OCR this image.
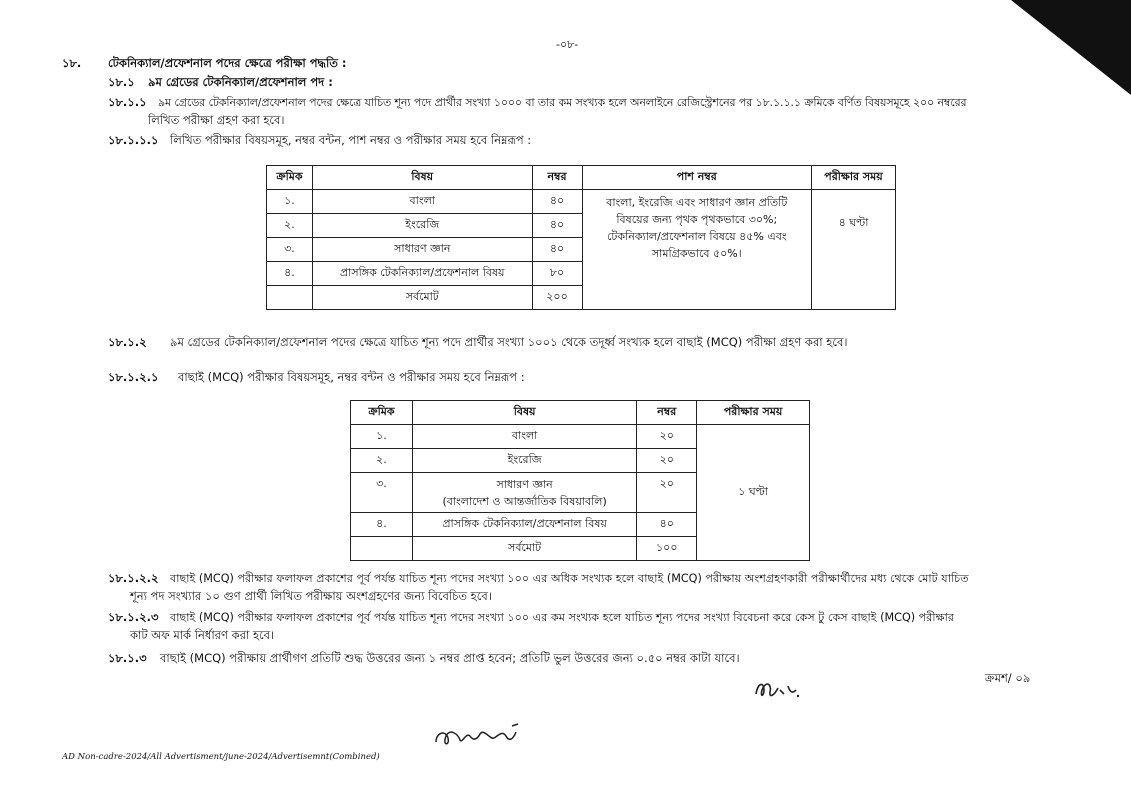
-০৮-
১৮. টেকনিক্যাল/প্রফেশনাল পদের ক্ষেত্রে পরীক্ষা পদ্ধতি :
১৮.১ ৯ম গ্রেডের টেকনিক্যাল/প্রফেশনাল পদ :
১৮.১.১ ৯ম গ্রেডের টেকনিক্যাল/প্রফেশনাল পদের ক্ষেত্রে যাচিত শূন্য পদে প্রার্থীর সংখ্যা ১০০০ বা তার কম সংখ্যক হলে অনলাইনে রেজিস্ট্রেশনের পর ১৮.১.১.১ ক্রমিকে বর্ণিত বিষয়সমূহে ২০০ নম্বরের
লিখিত পরীক্ষা গ্রহণ করা হবে।
১৮.১.১.১ লিখিত পরীক্ষার বিষয়সমূহ, নম্বর বন্টন, পাশ নম্বর ও পরীক্ষার সময় হবে নিম্নরূপ :
ক্রমিক	বিষয়	নম্বর	পাশ নম্বর	পরীক্ষার সময়
১.	বাংলা	৪০	বাংলা, ইংরেজি এবং সাধারণ জ্ঞান প্রতিটি
বিষয়ের জন্য পৃথক পৃথকভাবে ৩০%;
টেকনিক্যাল/প্রফেশনাল বিষয়ে ৪৫% এবং
সামগ্রিকভাবে ৫০%।	৪ ঘণ্টা
২.	ইংরেজি	৪০		
৩.	সাধারণ জ্ঞান	৪০		
৪.	প্রাসঙ্গিক টেকনিক্যাল/প্রফেশনাল বিষয়	৮০		
	সর্বমোট	২০০		
১৮.১.২ ৯ম গ্রেডের টেকনিক্যাল/প্রফেশনাল পদের ক্ষেত্রে যাচিত শূন্য পদে প্রার্থীর সংখ্যা ১০০১ থেকে তদূর্ধ্ব সংখ্যক হলে বাছাই (MCQ) পরীক্ষা গ্রহণ করা হবে।
১৮.১.২.১ বাছাই (MCQ) পরীক্ষার বিষয়সমূহ, নম্বর বন্টন ও পরীক্ষার সময় হবে নিম্নরূপ :
ক্রমিক	বিষয়	নম্বর	পরীক্ষার সময়
১.	বাংলা	২০	১ ঘণ্টা
২.	ইংরেজি	২০	
৩.	সাধারণ জ্ঞান
(বাংলাদেশ ও আন্তর্জাতিক বিষয়াবলি)	২০	
৪.	প্রাসঙ্গিক টেকনিক্যাল/প্রফেশনাল বিষয়	৪০	
	সর্বমোট	১০০	
১৮.১.২.২ বাছাই (MCQ) পরীক্ষার ফলাফল প্রকাশের পূর্ব পর্যন্ত যাচিত শূন্য পদের সংখ্যা ১০০ এর অধিক সংখ্যক হলে বাছাই (MCQ) পরীক্ষায় অংশগ্রহণকারী পরীক্ষার্থীদের মধ্য থেকে মোট যাচিত
শূন্য পদ সংখ্যার ১০ গুণ প্রার্থী লিখিত পরীক্ষায় অংশগ্রহণের জন্য বিবেচিত হবে।
১৮.১.২.৩ বাছাই (MCQ) পরীক্ষার ফলাফল প্রকাশের পূর্ব পর্যন্ত যাচিত শূন্য পদের সংখ্যা ১০০ এর কম সংখ্যক হলে যাচিত শূন্য পদের সংখ্যা বিবেচনা করে কেস টু কেস বাছাই (MCQ) পরীক্ষার
কাট অফ মার্ক নির্ধারণ করা হবে।
১৮.১.৩ বাছাই (MCQ) পরীক্ষায় প্রার্থীগণ প্রতিটি শুদ্ধ উত্তরের জন্য ১ নম্বর প্রাপ্ত হবেন; প্রতিটি ভুল উত্তরের জন্য ০.৫০ নম্বর কাটা যাবে।
ক্রমশ/ ০৯
AD Non-cadre-2024/All Advertisment/june-2024/Advertisemnt(Combined)
